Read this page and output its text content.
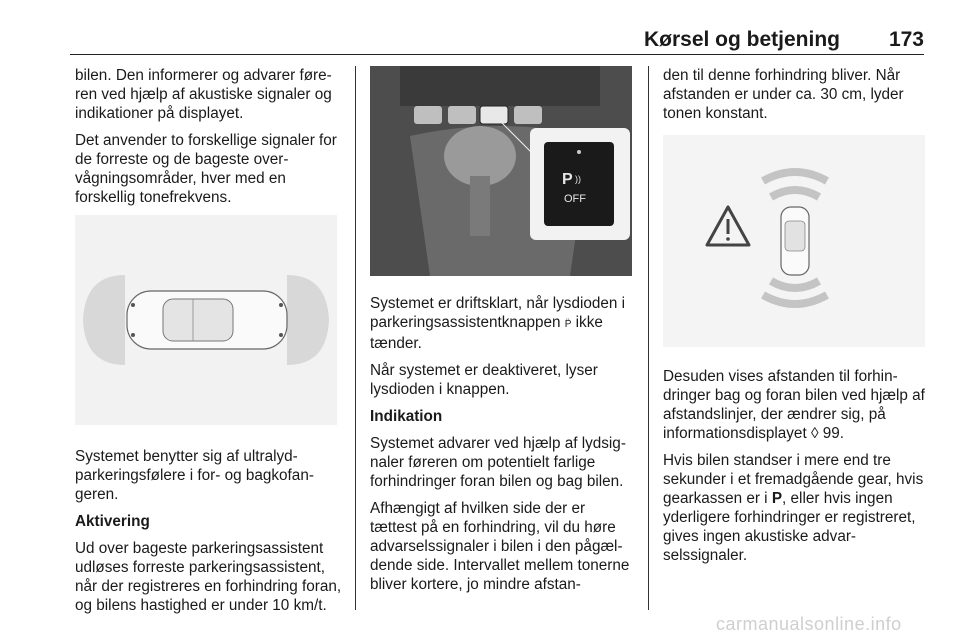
Kørsel og betjening 173

bilen. Den informerer og advarer føreren ved hjælp af akustiske signaler og indikationer på displayet.

Det anvender to forskellige signaler for de forreste og de bageste overvågningsområder, hver med en forskellig tonefrekvens.

Systemet benytter sig af ultralydparkeringsfølere i for- og bagkofangeren.

Aktivering

Ud over bageste parkeringsassistent udløses forreste parkeringsassistent, når der registreres en forhindring foran, og bilens hastighed er under 10 km/t.

P ))
OFF

Systemet er driftsklart, når lysdioden i parkeringsassistentknappen P̈ ikke tænder.

Når systemet er deaktiveret, lyser lysdioden i knappen.

Indikation

Systemet advarer ved hjælp af lydsignaler føreren om potentielt farlige forhindringer foran bilen og bag bilen.

Afhængigt af hvilken side der er tættest på en forhindring, vil du høre advarselssignaler i bilen i den pågældende side. Intervallet mellem tonerne bliver kortere, jo mindre afstan-

den til denne forhindring bliver. Når afstanden er under ca. 30 cm, lyder tonen konstant.

Desuden vises afstanden til forhindringer bag og foran bilen ved hjælp af afstandslinjer, der ændrer sig, på informationsdisplayet ◊ 99.

Hvis bilen standser i mere end tre sekunder i et fremadgående gear, hvis gearkassen er i P, eller hvis ingen yderligere forhindringer er registreret, gives ingen akustiske advarselssignaler.

carmanualsonline.info
